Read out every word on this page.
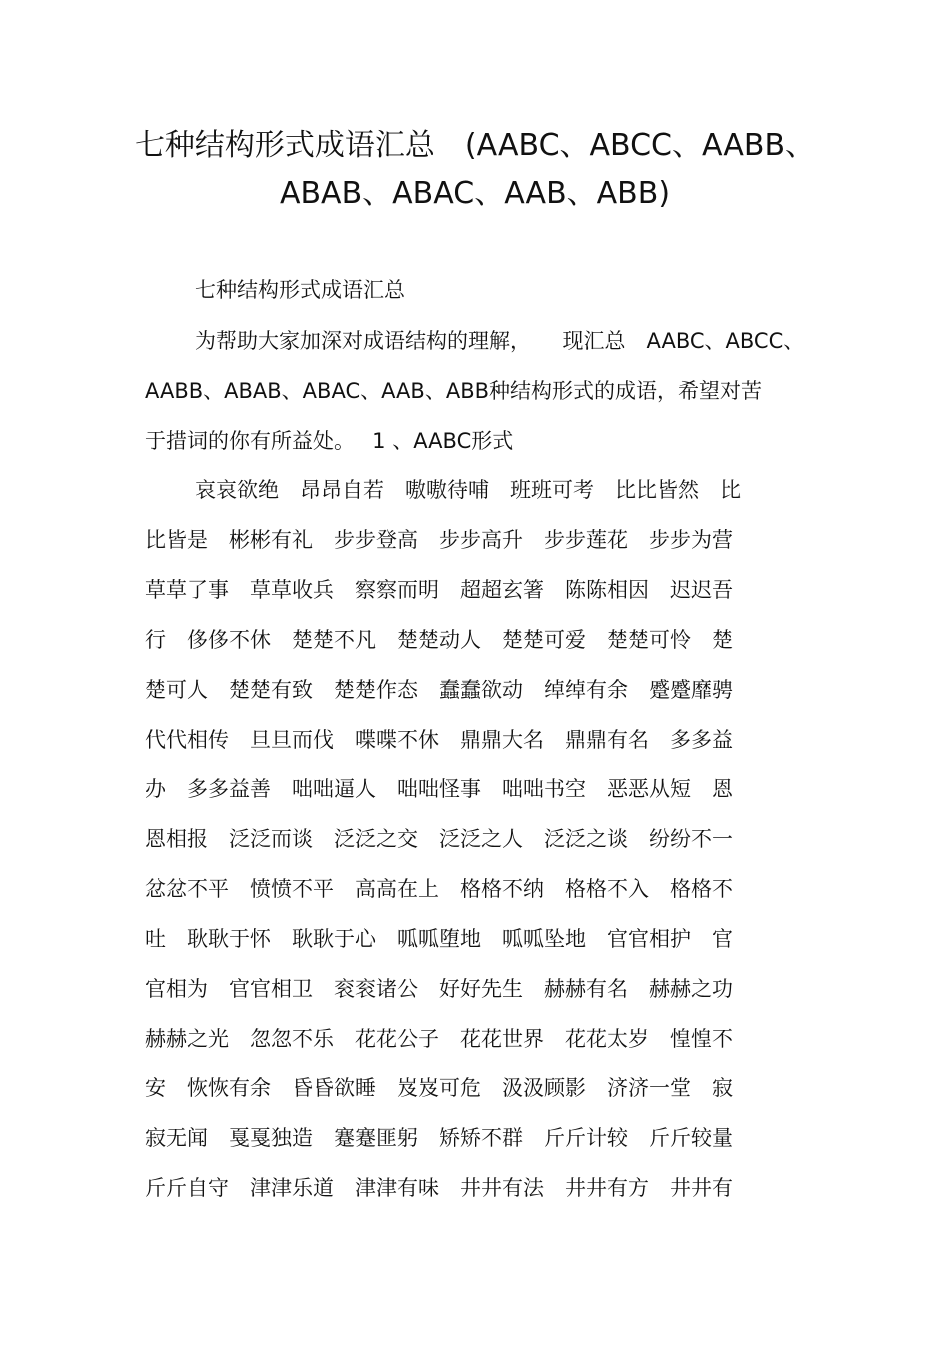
七种结构形式成语汇总　(AABC、ABCC、AABB、
ABAB、ABAC、AAB、ABB)

七种结构形式成语汇总

为帮助大家加深对成语结构的理解，　　现汇总　AABC、ABCC、

AABB、ABAB、ABAC、AAB、ABB种结构形式的成语，希望对苦

于措词的你有所益处。　 1 、AABC形式

哀哀欲绝　昂昂自若　嗷嗷待哺　班班可考　比比皆然　比

比皆是　彬彬有礼　步步登高　步步高升　步步莲花　步步为营

草草了事　草草收兵　察察而明　超超玄箸　陈陈相因　迟迟吾

行　侈侈不休　楚楚不凡　楚楚动人　楚楚可爱　楚楚可怜　楚

楚可人　楚楚有致　楚楚作态　蠢蠢欲动　绰绰有余　蹙蹙靡骋

代代相传　旦旦而伐　喋喋不休　鼎鼎大名　鼎鼎有名　多多益

办　多多益善　咄咄逼人　咄咄怪事　咄咄书空　恶恶从短　恩

恩相报　泛泛而谈　泛泛之交　泛泛之人　泛泛之谈　纷纷不一

忿忿不平　愤愤不平　高高在上　格格不纳　格格不入　格格不

吐　耿耿于怀　耿耿于心　呱呱堕地　呱呱坠地　官官相护　官

官相为　官官相卫　衮衮诸公　好好先生　赫赫有名　赫赫之功

赫赫之光　忽忽不乐　花花公子　花花世界　花花太岁　惶惶不

安　恢恢有余　昏昏欲睡　岌岌可危　汲汲顾影　济济一堂　寂

寂无闻　戛戛独造　蹇蹇匪躬　矫矫不群　斤斤计较　斤斤较量

斤斤自守　津津乐道　津津有味　井井有法　井井有方　井井有
